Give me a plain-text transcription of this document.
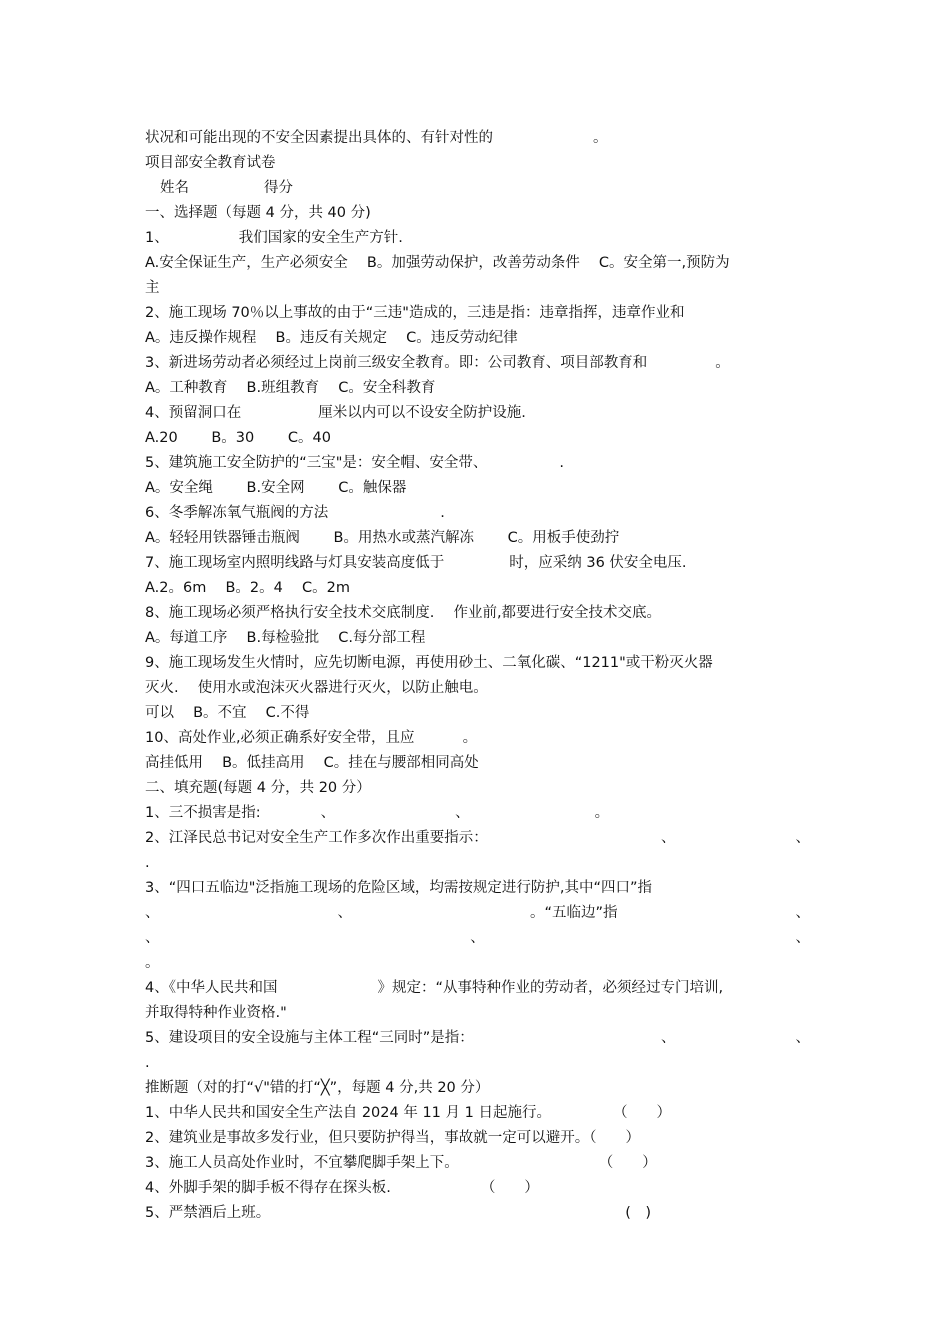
状况和可能出现的不安全因素提出具体的、有针对性的	。
项目部安全教育试卷
姓名	得分
一、选择题（每题 4 分，共 40 分)
1、	我们国家的安全生产方针.
A.安全保证生产，生产必须安全　 B。加强劳动保护，改善劳动条件　 C。安全第一,预防为
主
2、施工现场 70％以上事故的由于“三违"造成的，三违是指：违章指挥，违章作业和
A。违反操作规程　 B。违反有关规定　 C。违反劳动纪律
3、新进场劳动者必须经过上岗前三级安全教育。即：公司教育、项目部教育和	。
A。工种教育　 B.班组教育　 C。安全科教育
4、预留洞口在	厘米以内可以不设安全防护设施.
A.20　　 B。30　　 C。40
5、建筑施工安全防护的“三宝"是：安全帽、安全带、	.
A。安全绳　　 B.安全网　　 C。触保器
6、冬季解冻氧气瓶阀的方法	.
A。轻轻用铁器锤击瓶阀　　 B。用热水或蒸汽解冻　　 C。用板手使劲拧
7、施工现场室内照明线路与灯具安装高度低于	时，应采纳 36 伏安全电压.
A.2。6m　 B。2。4　 C。2m
8、施工现场必须严格执行安全技术交底制度.　 作业前,都要进行安全技术交底。
A。每道工序　 B.每检验批　 C.每分部工程
9、施工现场发生火情时，应先切断电源，再使用砂土、二氧化碳、“1211"或干粉灭火器
灭火.　 使用水或泡沫灭火器进行灭火，以防止触电。
可以　 B。不宜　 C.不得
10、高处作业,必须正确系好安全带，且应	。
高挂低用　 B。低挂高用　 C。挂在与腰部相同高处
二、填充题(每题 4 分，共 20 分）
1、三不损害是指:	、	、	。
2、江泽民总书记对安全生产工作多次作出重要指示：	、	、
.
3、“四口五临边"泛指施工现场的危险区域，均需按规定进行防护,其中“四口”指
、	、	。“五临边”指	、
、	、	、
。
4、《中华人民共和国	》规定：“从事特种作业的劳动者，必须经过专门培训,
并取得特种作业资格."
5、建设项目的安全设施与主体工程“三同时”是指：	、	、
.
推断题（对的打“√"错的打“╳”，每题 4 分,共 20 分）
1、中华人民共和国安全生产法自 2024 年 11 月 1 日起施行。	（　　）
2、建筑业是事故多发行业，但只要防护得当，事故就一定可以避开。（　　）
3、施工人员高处作业时，不宜攀爬脚手架上下。	（　　）
4、外脚手架的脚手板不得存在探头板.	（　　）
5、严禁酒后上班。	(　)
